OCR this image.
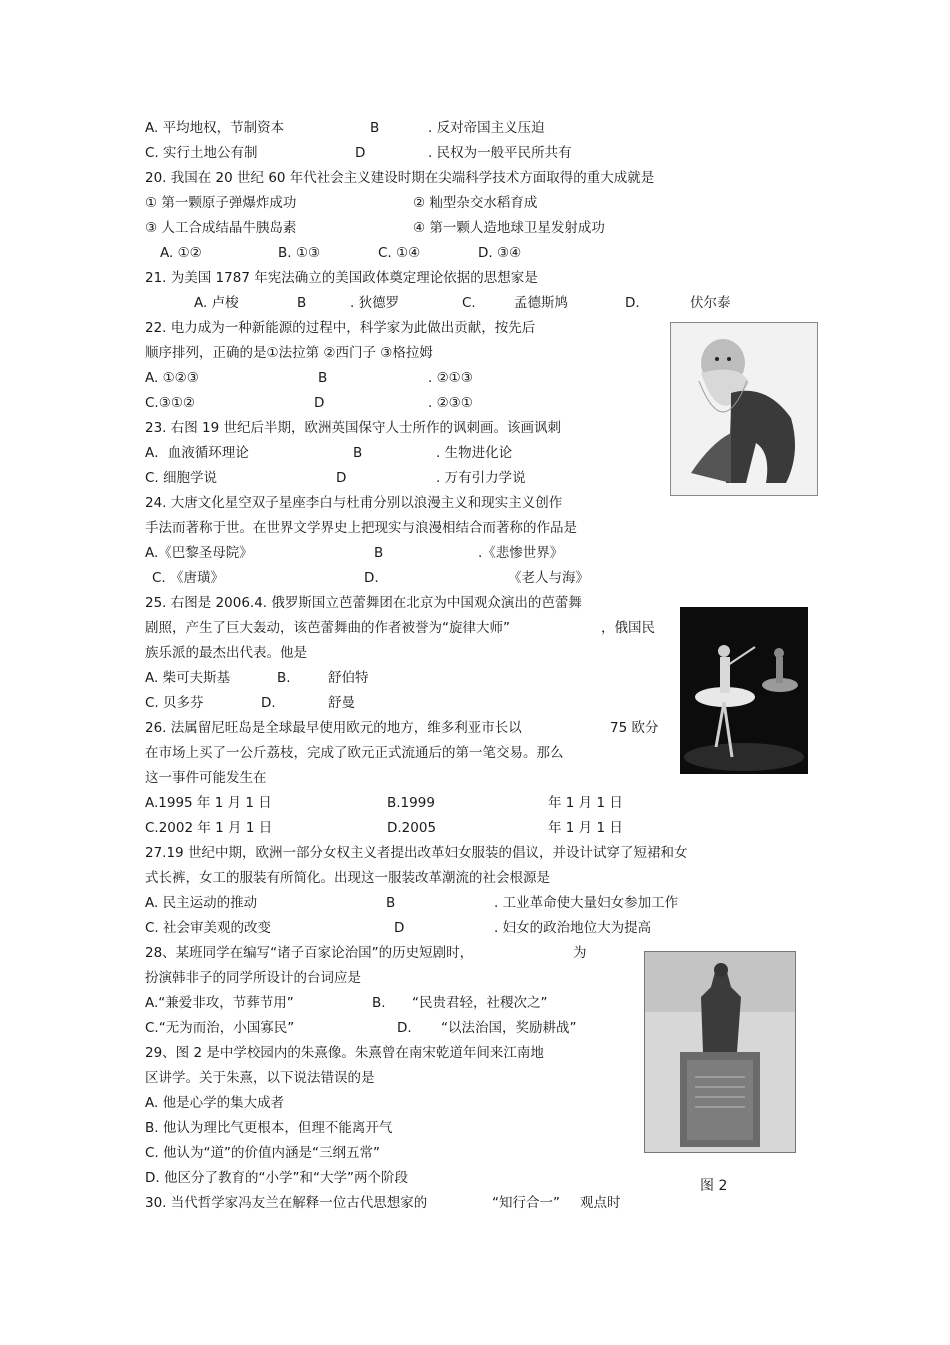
A. 平均地权，节制资本	B	. 反对帝国主义压迫
C. 实行土地公有制	D	. 民权为一般平民所共有
20. 我国在 20 世纪 60 年代社会主义建设时期在尖端科学技术方面取得的重大成就是
① 第一颗原子弹爆炸成功	② 籼型杂交水稻育成
③ 人工合成结晶牛胰岛素	④ 第一颗人造地球卫星发射成功
A. ①②	B. ①③	C. ①④	D. ③④
21. 为美国 1787 年宪法确立的美国政体奠定理论依据的思想家是
A. 卢梭	B	. 狄德罗	C.	孟德斯鸠	D.	伏尔泰
22. 电力成为一种新能源的过程中，科学家为此做出贡献，按先后
顺序排列，正确的是①法拉第 ②西门子 ③格拉姆
A. ①②③	B	. ②①③
C.③①②	D	. ②③①
23. 右图 19 世纪后半期，欧洲英国保守人士所作的讽刺画。该画讽刺
A．血液循环理论	B	. 生物进化论
C. 细胞学说	D	. 万有引力学说
24. 大唐文化星空双子星座李白与杜甫分别以浪漫主义和现实主义创作
手法而著称于世。在世界文学界史上把现实与浪漫相结合而著称的作品是
A.《巴黎圣母院》	B	.《悲惨世界》
C. 《唐璜》	D.	《老人与海》
25. 右图是 2006.4. 俄罗斯国立芭蕾舞团在北京为中国观众演出的芭蕾舞
剧照，产生了巨大轰动，该芭蕾舞曲的作者被誉为“旋律大师”	，俄国民
族乐派的最杰出代表。他是
A. 柴可夫斯基	B.	舒伯特
C. 贝多芬	D.	舒曼
26. 法属留尼旺岛是全球最早使用欧元的地方，维多利亚市长以	75 欧分
在市场上买了一公斤荔枝，完成了欧元正式流通后的第一笔交易。那么
这一事件可能发生在
A.1995 年 1 月 1 日	B.1999	年 1 月 1 日
C.2002 年 1 月 1 日	D.2005	年 1 月 1 日
27.19 世纪中期，欧洲一部分女权主义者提出改革妇女服装的倡议，并设计试穿了短裙和女
式长裤，女工的服装有所简化。出现这一服装改革潮流的社会根源是
A. 民主运动的推动	B	. 工业革命使大量妇女参加工作
C. 社会审美观的改变	D	. 妇女的政治地位大为提高
28、某班同学在编写“诸子百家论治国”的历史短剧时，	为
扮演韩非子的同学所设计的台词应是
A.“兼爱非攻，节葬节用”	B. “民贵君轻，社稷次之”
C.“无为而治，小国寡民”	D. “以法治国，奖励耕战”
29、图 2 是中学校园内的朱熹像。朱熹曾在南宋乾道年间来江南地
区讲学。关于朱熹，以下说法错误的是
A. 他是心学的集大成者
B. 他认为理比气更根本，但理不能离开气
C. 他认为“道”的价值内涵是“三纲五常”
D. 他区分了教育的“小学”和“大学”两个阶段
30. 当代哲学家冯友兰在解释一位古代思想家的	“知行合一” 观点时
图 2
